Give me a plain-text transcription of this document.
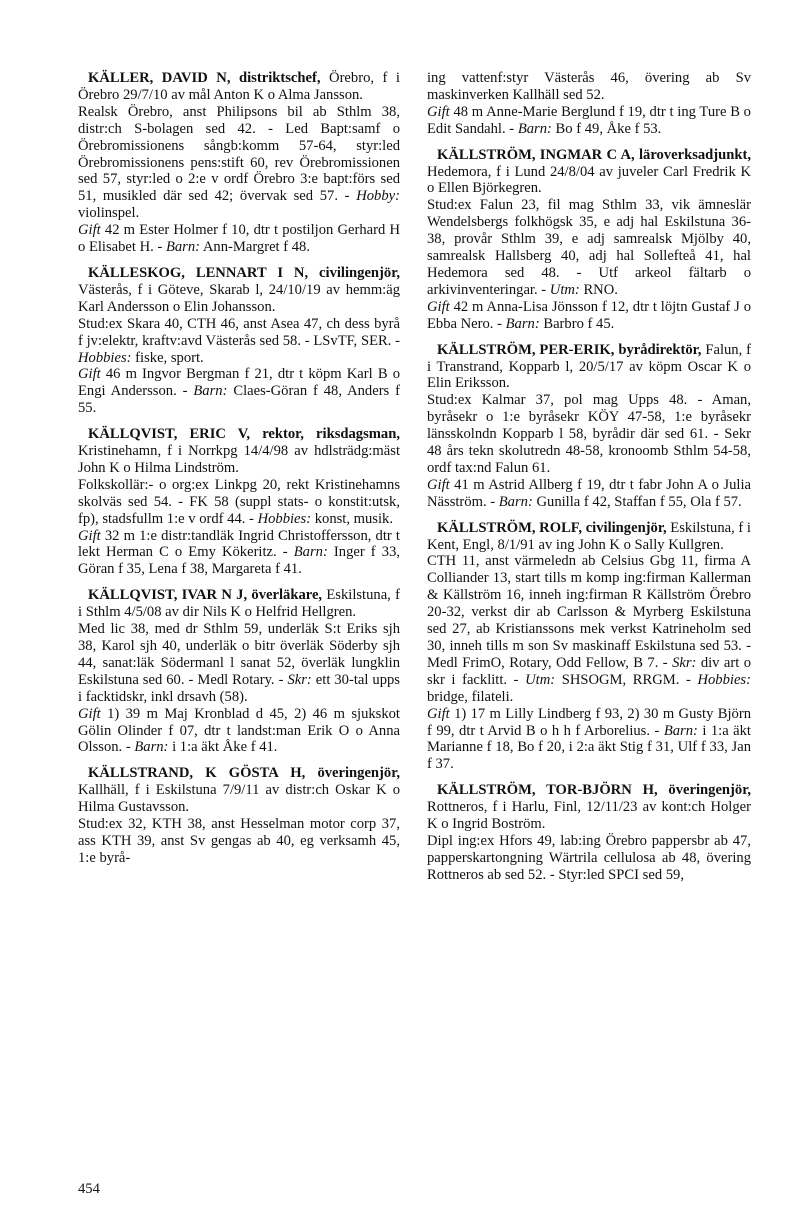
KÄLLER, DAVID N, distriktschef, Örebro, f i Örebro 29/7/10 av mål Anton K o Alma Jansson.

Realsk Örebro, anst Philipsons bil ab Sthlm 38, distr:ch S-bolagen sed 42. - Led Bapt:samf o Örebromissionens sångb:komm 57-64, styr:led Örebromissionens pens:stift 60, rev Örebromissionen sed 57, styr:led o 2:e v ordf Örebro 3:e bapt:förs sed 51, musikled där sed 42; övervak sed 57. - Hobby: violinspel.

Gift 42 m Ester Holmer f 10, dtr t postiljon Gerhard H o Elisabet H. - Barn: Ann-Margret f 48.

KÄLLESKOG, LENNART I N, civilingenjör, Västerås, f i Göteve, Skarab l, 24/10/19 av hemm:äg Karl Andersson o Elin Johansson.

Stud:ex Skara 40, CTH 46, anst Asea 47, ch dess byrå f jv:elektr, kraftv:avd Västerås sed 58. - LSvTF, SER. - Hobbies: fiske, sport.

Gift 46 m Ingvor Bergman f 21, dtr t köpm Karl B o Engi Andersson. - Barn: Claes-Göran f 48, Anders f 55.

KÄLLQVIST, ERIC V, rektor, riksdagsman, Kristinehamn, f i Norrkpg 14/4/98 av hdlsträdg:mäst John K o Hilma Lindström.

Folkskollär:- o org:ex Linkpg 20, rekt Kristinehamns skolväs sed 54. - FK 58 (suppl stats- o konstit:utsk, fp), stadsfullm 1:e v ordf 44. - Hobbies: konst, musik.

Gift 32 m 1:e distr:tandläk Ingrid Christoffersson, dtr t lekt Herman C o Emy Kökeritz. - Barn: Inger f 33, Göran f 35, Lena f 38, Margareta f 41.

KÄLLQVIST, IVAR N J, överläkare, Eskilstuna, f i Sthlm 4/5/08 av dir Nils K o Helfrid Hellgren.

Med lic 38, med dr Sthlm 59, underläk S:t Eriks sjh 38, Karol sjh 40, underläk o bitr överläk Söderby sjh 44, sanat:läk Södermanl l sanat 52, överläk lungklin Eskilstuna sed 60. - Medl Rotary. - Skr: ett 30-tal upps i facktidskr, inkl drsavh (58).

Gift 1) 39 m Maj Kronblad d 45, 2) 46 m sjukskot Gölin Olinder f 07, dtr t landst:man Erik O o Anna Olsson. - Barn: i 1:a äkt Åke f 41.

KÄLLSTRAND, K GÖSTA H, överingenjör, Kallhäll, f i Eskilstuna 7/9/11 av distr:ch Oskar K o Hilma Gustavsson.

Stud:ex 32, KTH 38, anst Hesselman motor corp 37, ass KTH 39, anst Sv gengas ab 40, eg verksamh 45, 1:e byrå-

ing vattenf:styr Västerås 46, övering ab Sv maskinverken Kallhäll sed 52.

Gift 48 m Anne-Marie Berglund f 19, dtr t ing Ture B o Edit Sandahl. - Barn: Bo f 49, Åke f 53.

KÄLLSTRÖM, INGMAR C A, läroverksadjunkt, Hedemora, f i Lund 24/8/04 av juveler Carl Fredrik K o Ellen Björkegren.

Stud:ex Falun 23, fil mag Sthlm 33, vik ämneslär Wendelsbergs folkhögsk 35, e adj hal Eskilstuna 36-38, provår Sthlm 39, e adj samrealsk Mjölby 40, samrealsk Hallsberg 40, adj hal Sollefteå 41, hal Hedemora sed 48. - Utf arkeol fältarb o arkivinventeringar. - Utm: RNO.

Gift 42 m Anna-Lisa Jönsson f 12, dtr t löjtn Gustaf J o Ebba Nero. - Barn: Barbro f 45.

KÄLLSTRÖM, PER-ERIK, byrådirektör, Falun, f i Transtrand, Kopparb l, 20/5/17 av köpm Oscar K o Elin Eriksson.

Stud:ex Kalmar 37, pol mag Upps 48. - Aman, byråsekr o 1:e byråsekr KÖY 47-58, 1:e byråsekr länsskolndn Kopparb l 58, byrådir där sed 61. - Sekr 48 års tekn skolutredn 48-58, kronoomb Sthlm 54-58, ordf tax:nd Falun 61.

Gift 41 m Astrid Allberg f 19, dtr t fabr John A o Julia Näsström. - Barn: Gunilla f 42, Staffan f 55, Ola f 57.

KÄLLSTRÖM, ROLF, civilingenjör, Eskilstuna, f i Kent, Engl, 8/1/91 av ing John K o Sally Kullgren.

CTH 11, anst värmeledn ab Celsius Gbg 11, firma A Colliander 13, start tills m komp ing:firman Kallerman & Källström 16, inneh ing:firman R Källström Örebro 20-32, verkst dir ab Carlsson & Myrberg Eskilstuna sed 27, ab Kristianssons mek verkst Katrineholm sed 30, inneh tills m son Sv maskinaff Eskilstuna sed 53. - Medl FrimO, Rotary, Odd Fellow, B 7. - Skr: div art o skr i facklitt. - Utm: SHSOGM, RRGM. - Hobbies: bridge, filateli.

Gift 1) 17 m Lilly Lindberg f 93, 2) 30 m Gusty Björn f 99, dtr t Arvid B o h h f Arborelius. - Barn: i 1:a äkt Marianne f 18, Bo f 20, i 2:a äkt Stig f 31, Ulf f 33, Jan f 37.

KÄLLSTRÖM, TOR-BJÖRN H, överingenjör, Rottneros, f i Harlu, Finl, 12/11/23 av kont:ch Holger K o Ingrid Boström.

Dipl ing:ex Hfors 49, lab:ing Örebro pappersbr ab 47, papperskartongning Wärtrila cellulosa ab 48, övering Rottneros ab sed 52. - Styr:led SPCI sed 59,

454
